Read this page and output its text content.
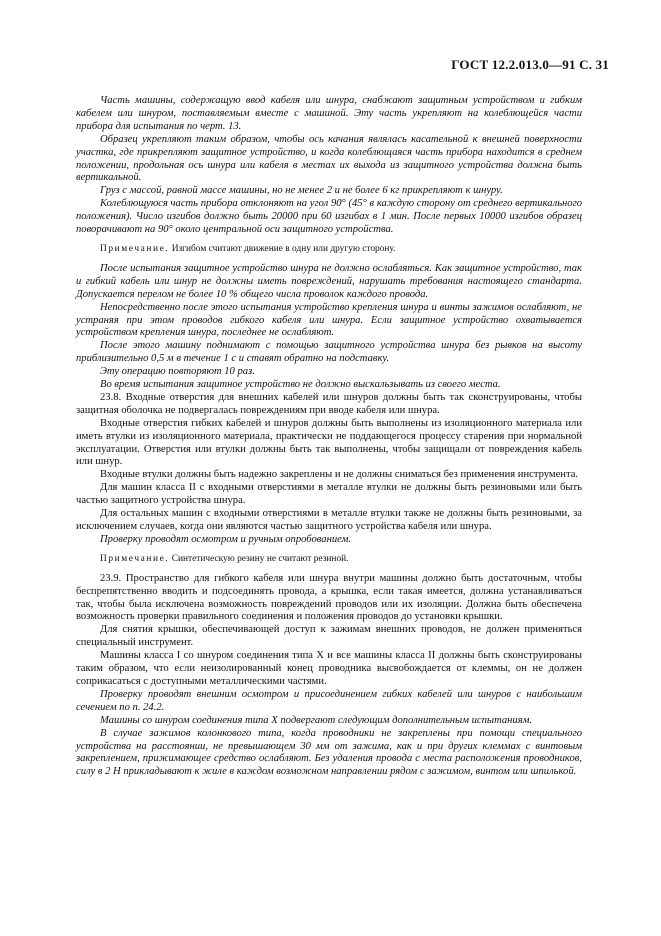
ГОСТ 12.2.013.0—91 С. 31

Часть машины, содержащую ввод кабеля или шнура, снабжают защитным устройством и гибким кабелем или шнуром, поставляемым вместе с машиной. Эту часть укрепляют на колеблющейся части прибора для испытания по черт. 13.

Образец укрепляют таким образом, чтобы ось качания являлась касательной к внешней поверхности участка, где прикрепляют защитное устройство, и когда колеблющаяся часть прибора находится в среднем положении, продольная ось шнура или кабеля в местах их выхода из защитного устройства должна быть вертикальной.

Груз с массой, равной массе машины, но не менее 2 и не более 6 кг прикрепляют к шнуру.

Колеблющуюся часть прибора отклоняют на угол 90° (45° в каждую сторону от среднего вертикального положения). Число изгибов должно быть 20000 при 60 изгибах в 1 мин. После первых 10000 изгибов образец поворачивают на 90° около центральной оси защитного устройства.

Примечание. Изгибом считают движение в одну или другую сторону.

После испытания защитное устройство шнура не должно ослабляться. Как защитное устройство, так и гибкий кабель или шнур не должны иметь повреждений, нарушать требования настоящего стандарта. Допускается перелом не более 10 % общего числа проволок каждого провода.

Непосредственно после этого испытания устройство крепления шнура и винты зажимов ослабляют, не устраняя при этом проводов гибкого кабеля или шнура. Если защитное устройство охватывается устройством крепления шнура, последнее не ослабляют.

После этого машину поднимают с помощью защитного устройства шнура без рывков на высоту приблизительно 0,5 м в течение 1 с и ставят обратно на подставку.

Эту операцию повторяют 10 раз.

Во время испытания защитное устройство не должно выскальзывать из своего места.

23.8. Входные отверстия для внешних кабелей или шнуров должны быть так сконструированы, чтобы защитная оболочка не подвергалась повреждениям при вводе кабеля или шнура.

Входные отверстия гибких кабелей и шнуров должны быть выполнены из изоляционного материала или иметь втулки из изоляционного материала, практически не поддающегося процессу старения при нормальной эксплуатации. Отверстия или втулки должны быть так выполнены, чтобы защищали от повреждения кабель или шнур.

Входные втулки должны быть надежно закреплены и не должны сниматься без применения инструмента.

Для машин класса II с входными отверстиями в металле втулки не должны быть резиновыми или быть частью защитного устройства шнура.

Для остальных машин с входными отверстиями в металле втулки также не должны быть резиновыми, за исключением случаев, когда они являются частью защитного устройства кабеля или шнура.

Проверку проводят осмотром и ручным опробованием.

Примечание. Синтетическую резину не считают резиной.

23.9. Пространство для гибкого кабеля или шнура внутри машины должно быть достаточным, чтобы беспрепятственно вводить и подсоединять провода, а крышка, если такая имеется, должна устанавливаться так, чтобы была исключена возможность повреждений проводов или их изоляции. Должна быть обеспечена возможность проверки правильного соединения и положения проводов до установки крышки.

Для снятия крышки, обеспечивающей доступ к зажимам внешних проводов, не должен применяться специальный инструмент.

Машины класса I со шнуром соединения типа X и все машины класса II должны быть сконструированы таким образом, что если неизолированный конец проводника высвобождается от клеммы, он не должен соприкасаться с доступными металлическими частями.

Проверку проводят внешним осмотром и присоединением гибких кабелей или шнуров с наибольшим сечением по п. 24.2.

Машины со шнуром соединения типа X подвергают следующим дополнительным испытаниям.

В случае зажимов колонкового типа, когда проводники не закреплены при помощи специального устройства на расстоянии, не превышающем 30 мм от зажима, как и при других клеммах с винтовым закреплением, прижимающее средство ослабляют. Без удаления провода с места расположения проводников, силу в 2 Н прикладывают к жиле в каждом возможном направлении рядом с зажимом, винтом или шпилькой.
